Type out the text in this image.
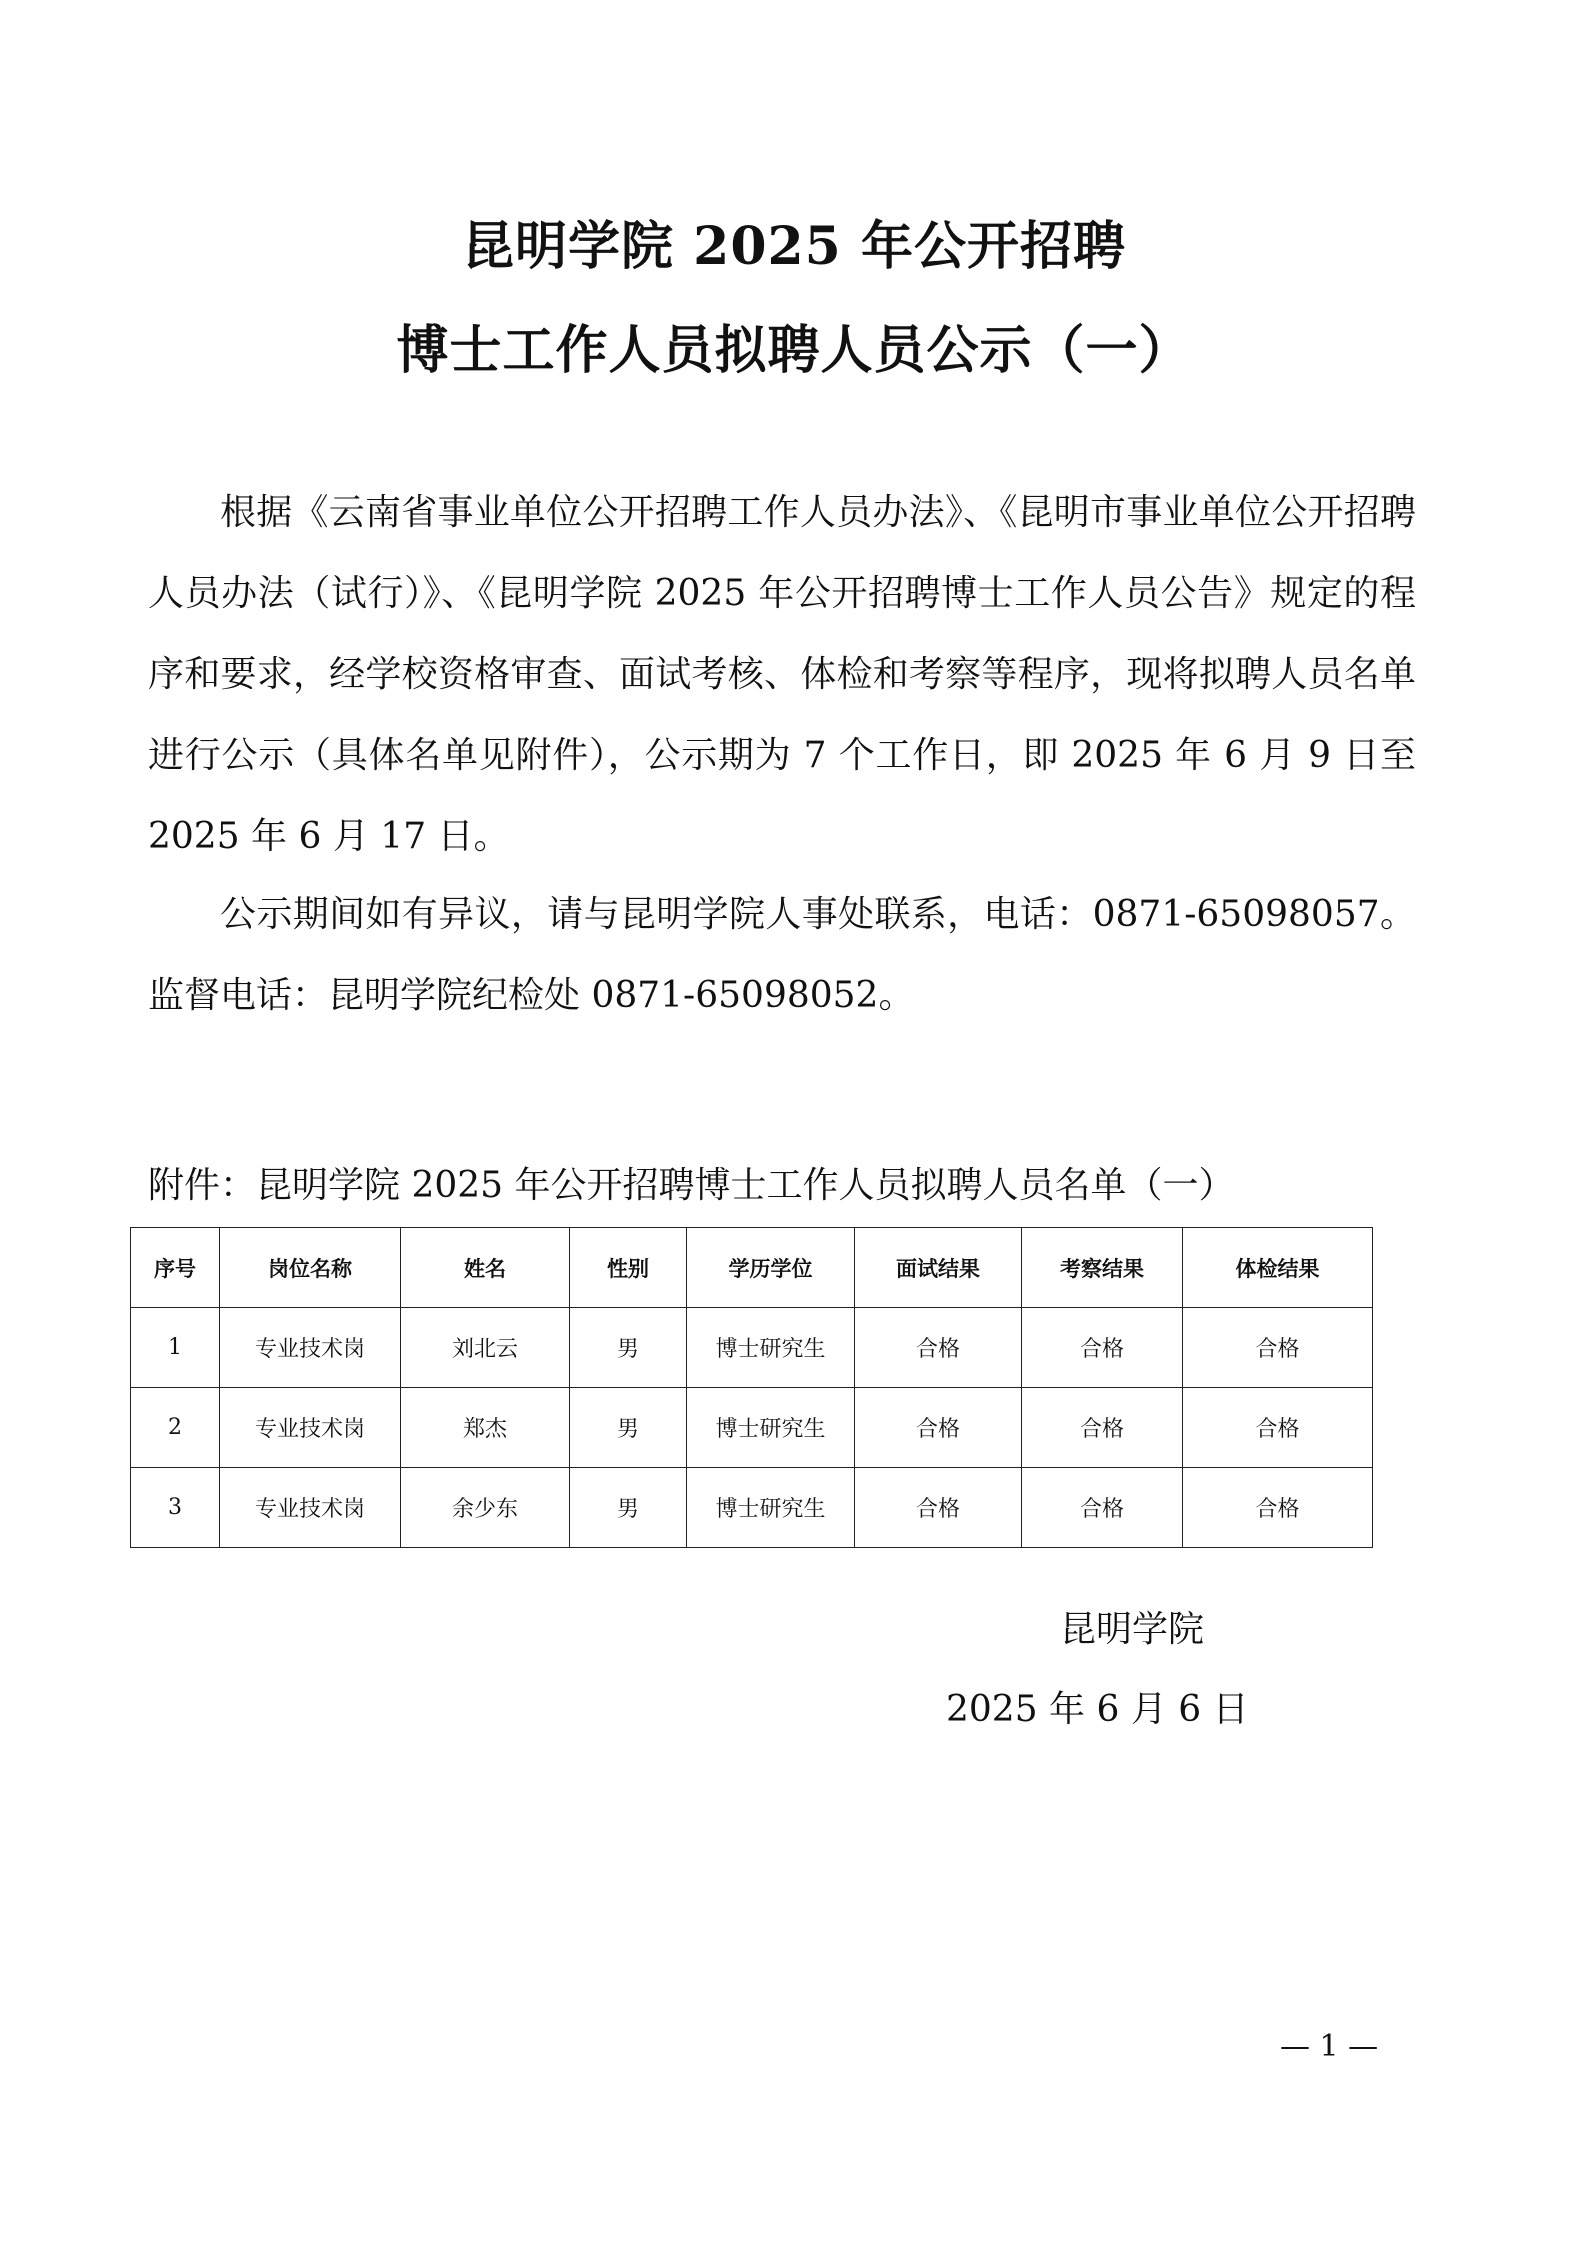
昆明学院 2025 年公开招聘
博士工作人员拟聘人员公示（一）
根据《云南省事业单位公开招聘工作人员办法》、《昆明市事业单位公开招聘人员办法（试行）》、《昆明学院 2025 年公开招聘博士工作人员公告》规定的程序和要求，经学校资格审查、面试考核、体检和考察等程序，现将拟聘人员名单进行公示（具体名单见附件），公示期为 7 个工作日，即 2025 年 6 月 9 日至 2025 年 6 月 17 日。
公示期间如有异议，请与昆明学院人事处联系，电话：0871-65098057。监督电话：昆明学院纪检处 0871-65098052。
附件：昆明学院 2025 年公开招聘博士工作人员拟聘人员名单（一）
序号	岗位名称	姓名	性别	学历学位	面试结果	考察结果	体检结果
1	专业技术岗	刘北云	男	博士研究生	合格	合格	合格
2	专业技术岗	郑杰	男	博士研究生	合格	合格	合格
3	专业技术岗	余少东	男	博士研究生	合格	合格	合格
昆明学院
2025 年 6 月 6 日
— 1 —
